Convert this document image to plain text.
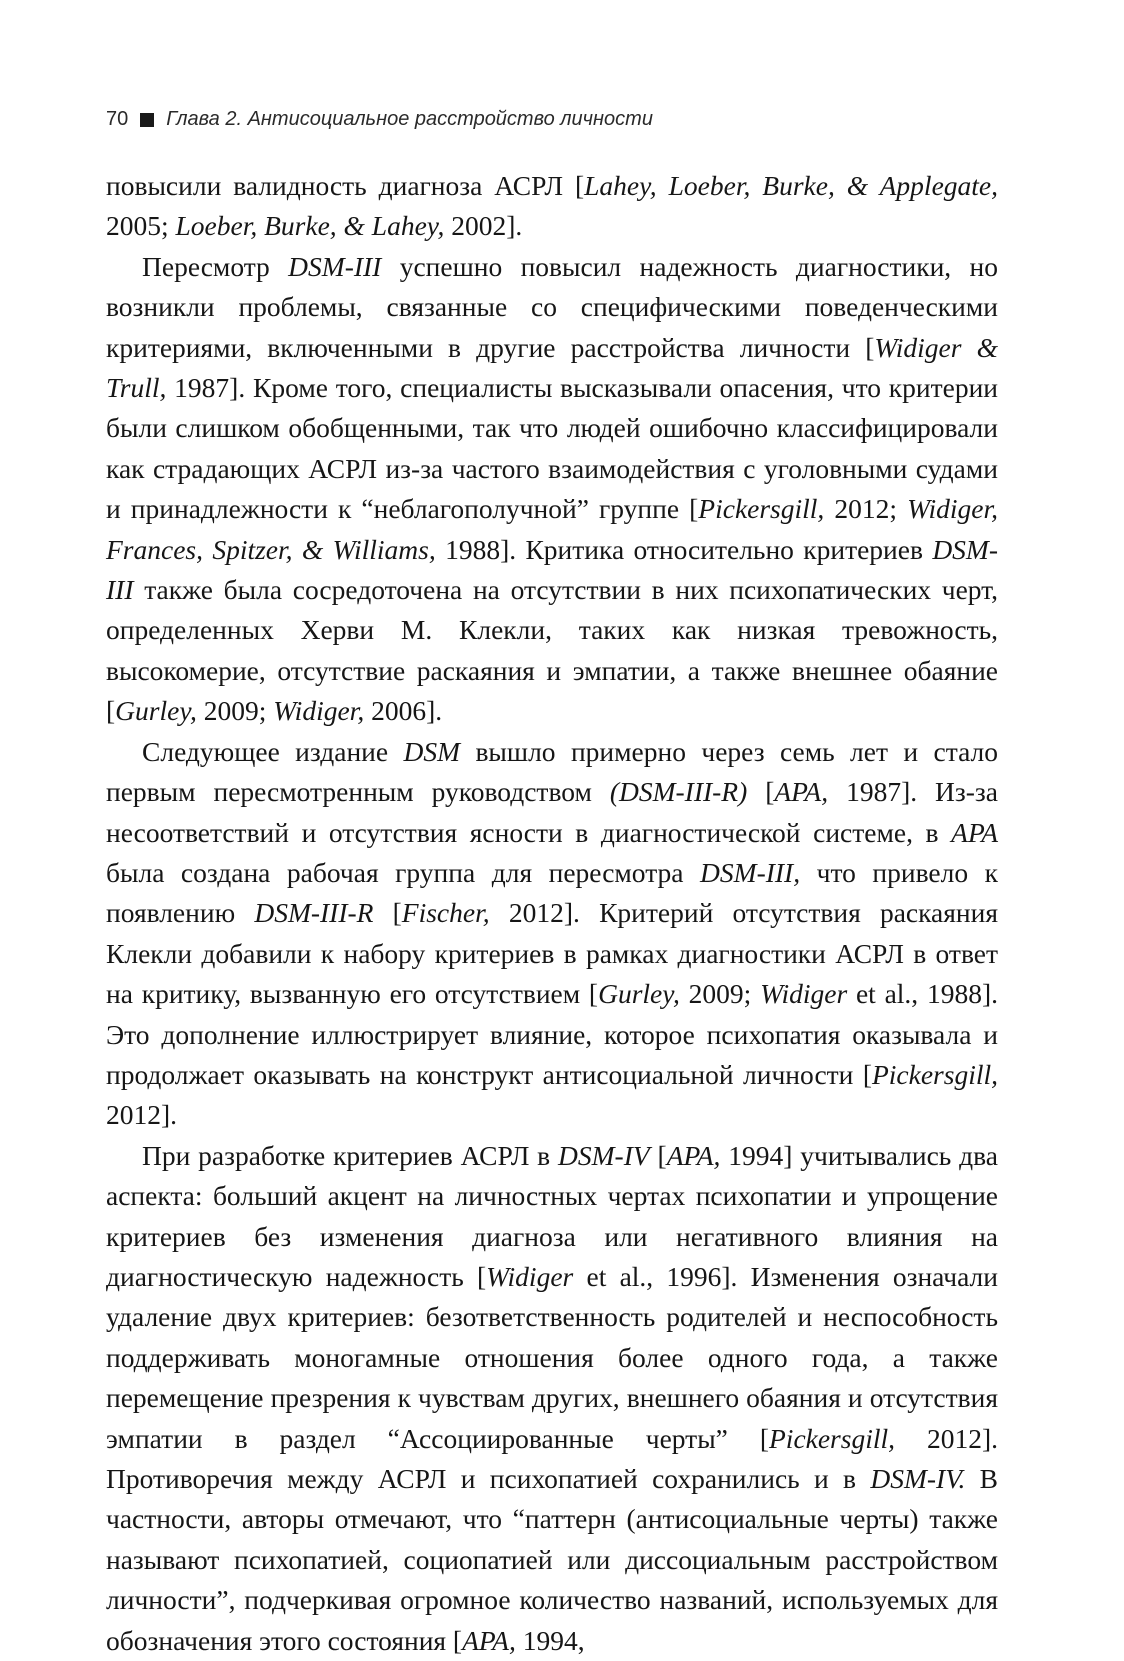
70 Глава 2. Антисоциальное расстройство личности

повысили валидность диагноза АСРЛ [Lahey, Loeber, Burke, & Applegate, 2005; Loeber, Burke, & Lahey, 2002].

Пересмотр DSM-III успешно повысил надежность диагностики, но возникли проблемы, связанные со специфическими поведенческими критериями, включенными в другие расстройства личности [Widiger & Trull, 1987]. Кроме того, специалисты высказывали опасения, что критерии были слишком обобщенными, так что людей ошибочно классифицировали как страдающих АСРЛ из-за частого взаимодействия с уголовными судами и принадлежности к “неблагополучной” группе [Pickersgill, 2012; Widiger, Frances, Spitzer, & Williams, 1988]. Критика относительно критериев DSM-III также была сосредоточена на отсутствии в них психопатических черт, определенных Херви М. Клекли, таких как низкая тревожность, высокомерие, отсутствие раскаяния и эмпатии, а также внешнее обаяние [Gurley, 2009; Widiger, 2006].

Следующее издание DSM вышло примерно через семь лет и стало первым пересмотренным руководством (DSM-III-R) [APA, 1987]. Из-за несоответствий и отсутствия ясности в диагностической системе, в APA была создана рабочая группа для пересмотра DSM-III, что привело к появлению DSM-III-R [Fischer, 2012]. Критерий отсутствия раскаяния Клекли добавили к набору критериев в рамках диагностики АСРЛ в ответ на критику, вызванную его отсутствием [Gurley, 2009; Widiger et al., 1988]. Это дополнение иллюстрирует влияние, которое психопатия оказывала и продолжает оказывать на конструкт антисоциальной личности [Pickersgill, 2012].

При разработке критериев АСРЛ в DSM-IV [APA, 1994] учитывались два аспекта: больший акцент на личностных чертах психопатии и упрощение критериев без изменения диагноза или негативного влияния на диагностическую надежность [Widiger et al., 1996]. Изменения означали удаление двух критериев: безответственность родителей и неспособность поддерживать моногамные отношения более одного года, а также перемещение презрения к чувствам других, внешнего обаяния и отсутствия эмпатии в раздел “Ассоциированные черты” [Pickersgill, 2012]. Противоречия между АСРЛ и психопатией сохранились и в DSM-IV. В частности, авторы отмечают, что “паттерн (антисоциальные черты) также называют психопатией, социопатией или диссоциальным расстройством личности”, подчеркивая огромное количество названий, используемых для обозначения этого состояния [APA, 1994,
